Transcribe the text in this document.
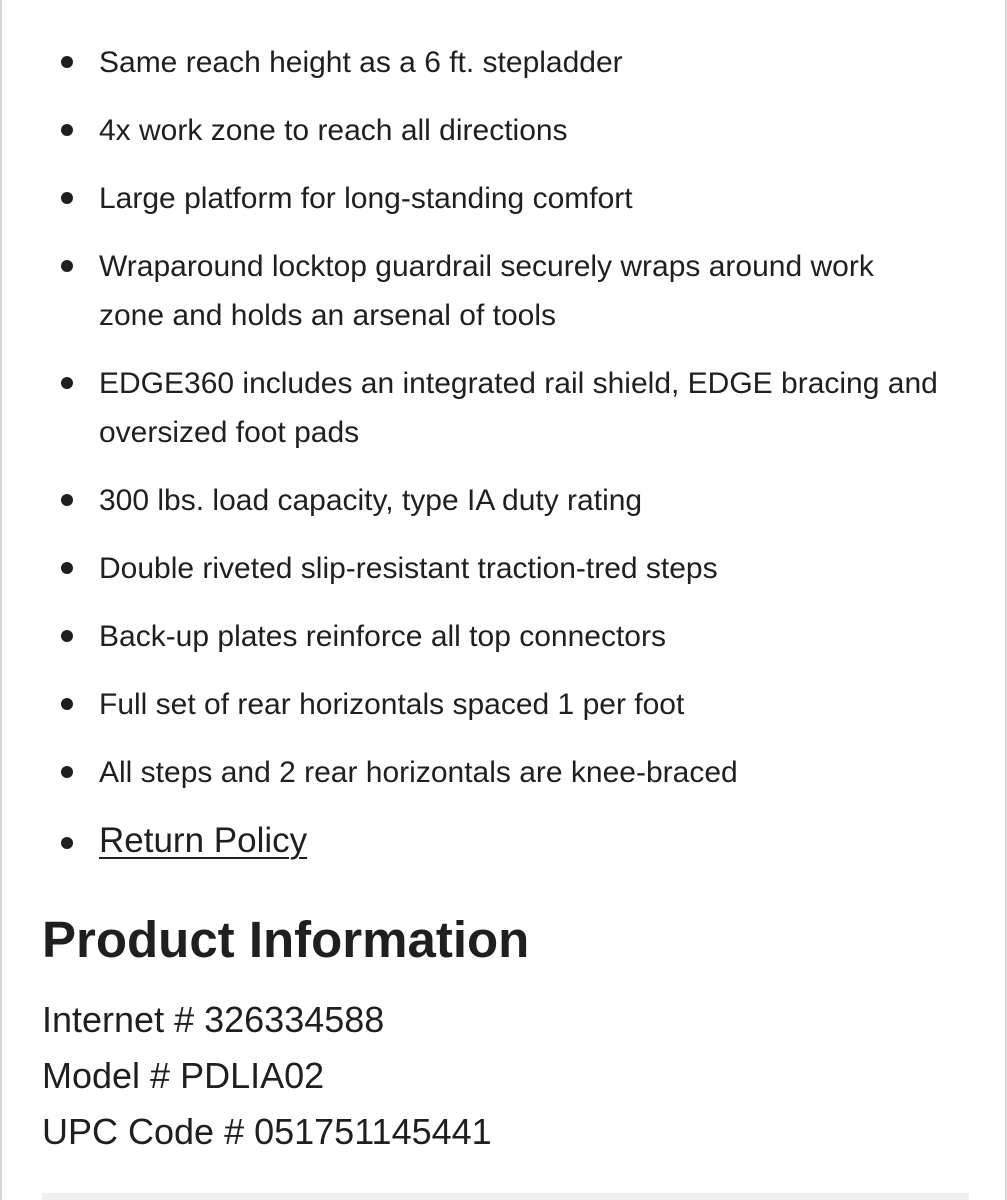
Same reach height as a 6 ft. stepladder
4x work zone to reach all directions
Large platform for long-standing comfort
Wraparound locktop guardrail securely wraps around work zone and holds an arsenal of tools
EDGE360 includes an integrated rail shield, EDGE bracing and oversized foot pads
300 lbs. load capacity, type IA duty rating
Double riveted slip-resistant traction-tred steps
Back-up plates reinforce all top connectors
Full set of rear horizontals spaced 1 per foot
All steps and 2 rear horizontals are knee-braced
Return Policy
Product Information
Internet # 326334588
Model # PDLIA02
UPC Code # 051751145441
